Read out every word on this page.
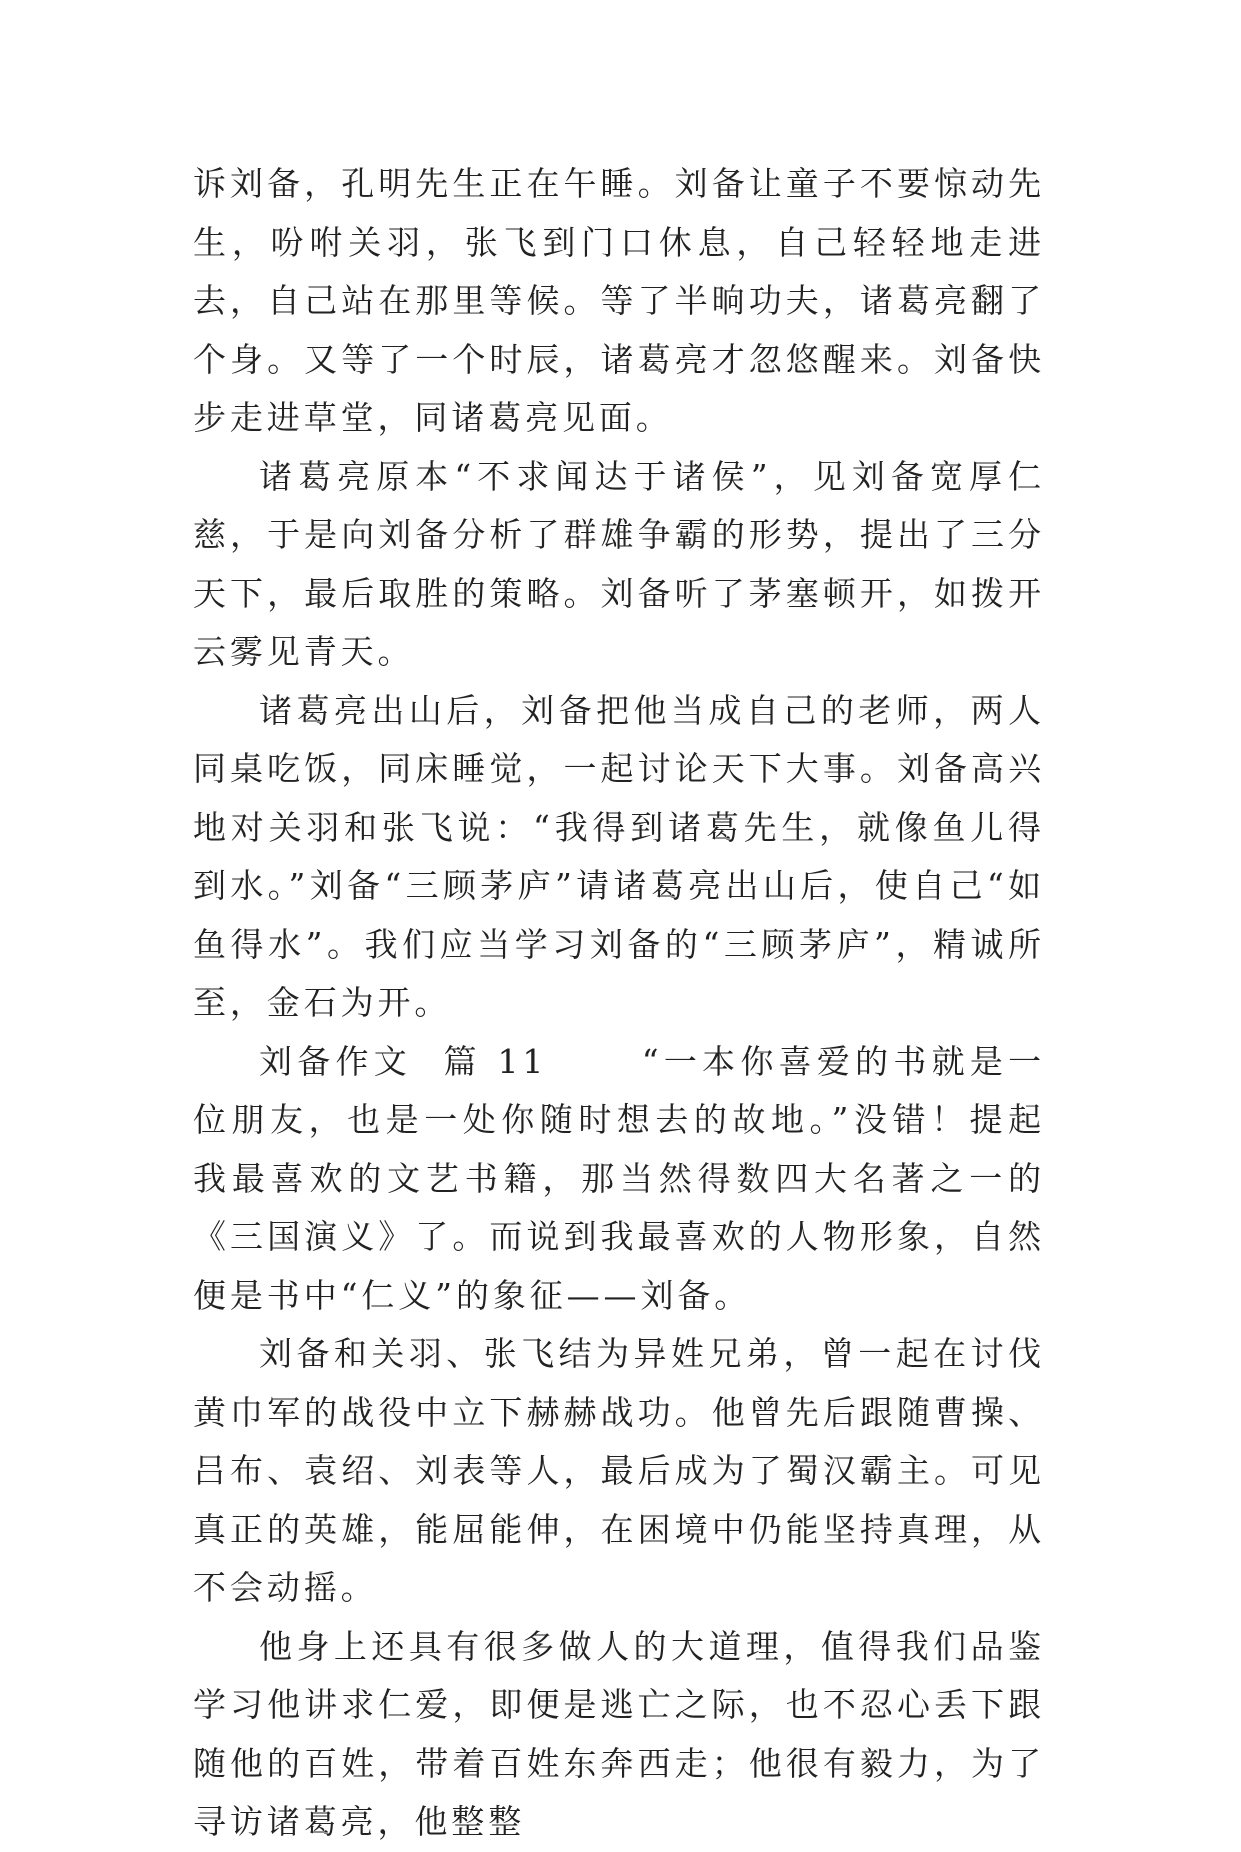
诉刘备，孔明先生正在午睡。刘备让童子不要惊动先生，吩咐关羽，张飞到门口休息，自己轻轻地走进去，自己站在那里等候。等了半晌功夫，诸葛亮翻了个身。又等了一个时辰，诸葛亮才忽悠醒来。刘备快步走进草堂，同诸葛亮见面。

诸葛亮原本“不求闻达于诸侯”，见刘备宽厚仁慈，于是向刘备分析了群雄争霸的形势，提出了三分天下，最后取胜的策略。刘备听了茅塞顿开，如拨开云雾见青天。

诸葛亮出山后，刘备把他当成自己的老师，两人同桌吃饭，同床睡觉，一起讨论天下大事。刘备高兴地对关羽和张飞说：“我得到诸葛先生，就像鱼儿得到水。”刘备“三顾茅庐”请诸葛亮出山后，使自己“如鱼得水”。我们应当学习刘备的“三顾茅庐”，精诚所至，金石为开。

刘备作文  篇 11	“一本你喜爱的书就是一位朋友，也是一处你随时想去的故地。”没错！提起我最喜欢的文艺书籍，那当然得数四大名著之一的《三国演义》了。而说到我最喜欢的人物形象，自然便是书中“仁义”的象征——刘备。

刘备和关羽、张飞结为异姓兄弟，曾一起在讨伐黄巾军的战役中立下赫赫战功。他曾先后跟随曹操、吕布、袁绍、刘表等人，最后成为了蜀汉霸主。可见真正的英雄，能屈能伸，在困境中仍能坚持真理，从不会动摇。

他身上还具有很多做人的大道理，值得我们品鉴学习他讲求仁爱，即便是逃亡之际，也不忍心丢下跟随他的百姓，带着百姓东奔西走；他很有毅力，为了寻访诸葛亮，他整整
